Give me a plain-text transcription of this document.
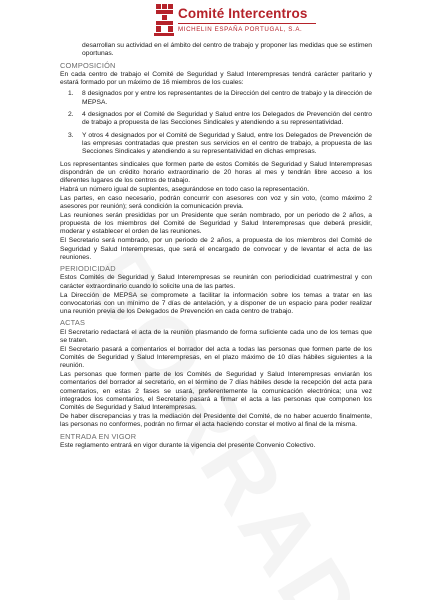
Comité Intercentros
MICHELIN ESPAÑA PORTUGAL, S.A.

desarrollan su actividad en el ámbito del centro de trabajo y proponer las medidas que se estimen oportunas.

COMPOSICIÓN

En cada centro de trabajo el Comité de Seguridad y Salud Interempresas tendrá carácter paritario y estará formado por un máximo de 16 miembros de los cuales:

1. 8 designados por y entre los representantes de la Dirección del centro de trabajo y la dirección de MEPSA.
2. 4 designados por el Comité de Seguridad y Salud entre los Delegados de Prevención del centro de trabajo a propuesta de las Secciones Sindicales y atendiendo a su representatividad.
3. Y otros 4 designados por el Comité de Seguridad y Salud, entre los Delegados de Prevención de las empresas contratadas que presten sus servicios en el centro de trabajo, a propuesta de las Secciones Sindicales y atendiendo a su representatividad en dichas empresas.

Los representantes sindicales que formen parte de estos Comités de Seguridad y Salud Interempresas dispondrán de un crédito horario extraordinario de 20 horas al mes y tendrán libre acceso a los diferentes lugares de los centros de trabajo.

Habrá un número igual de suplentes, asegurándose en todo caso la representación.

Las partes, en caso necesario, podrán concurrir con asesores con voz y sin voto, (como máximo 2 asesores por reunión); será condición la comunicación previa.

Las reuniones serán presididas por un Presidente que serán nombrado, por un periodo de 2 años, a propuesta de los miembros del Comité de Seguridad y Salud Interempresas que deberá presidir, moderar y establecer el orden de las reuniones.

El Secretario será nombrado, por un periodo de 2 años, a propuesta de los miembros del Comité de Seguridad y Salud Interempresas, que será el encargado de convocar y de levantar el acta de las reuniones.

PERIODICIDAD

Estos Comités de Seguridad y Salud Interempresas se reunirán con periodicidad cuatrimestral y con carácter extraordinario cuando lo solicite una de las partes.

La Dirección de MEPSA se compromete a facilitar la información sobre los temas a tratar en las convocatorias con un mínimo de 7 días de antelación, y a disponer de un espacio para poder realizar una reunión previa de los Delegados de Prevención en cada centro de trabajo.

ACTAS

El Secretario redactará el acta de la reunión plasmando de forma suficiente cada uno de los temas que se traten.

El Secretario pasará a comentarios el borrador del acta a todas las personas que formen parte de los Comités de Seguridad y Salud Interempresas, en el plazo máximo de 10 días hábiles siguientes a la reunión.

Las personas que formen parte de los Comités de Seguridad y Salud Interempresas enviarán los comentarios del borrador al secretario, en el término de 7 días hábiles desde la recepción del acta para comentarios, en estas 2 fases se usará, preferentemente la comunicación electrónica; una vez integrados los comentarios, el Secretario pasará a firmar el acta a las personas que componen los Comités de Seguridad y Salud Interempresas.

De haber discrepancias y tras la mediación del Presidente del Comité, de no haber acuerdo finalmente, las personas no conformes, podrán no firmar el acta haciendo constar el motivo al final de la misma.

ENTRADA EN VIGOR

Este reglamento entrará en vigor durante la vigencia del presente Convenio Colectivo.
